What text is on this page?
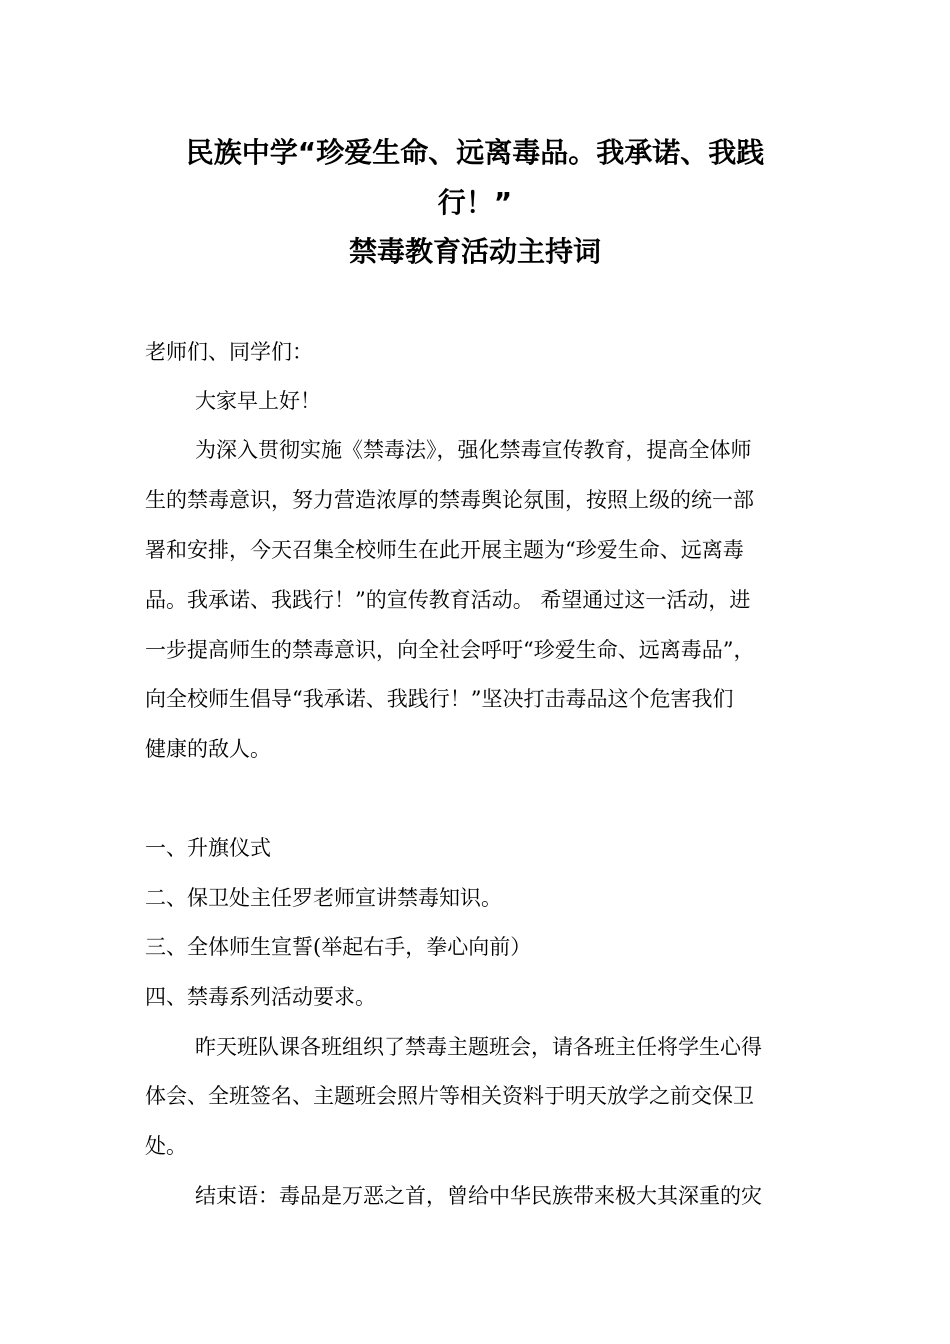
民族中学“珍爱生命、远离毒品。我承诺、我践
行！”
禁毒教育活动主持词
老师们、同学们：
大家早上好！
为深入贯彻实施《禁毒法》，强化禁毒宣传教育，提高全体师
生的禁毒意识，努力营造浓厚的禁毒舆论氛围，按照上级的统一部
署和安排，今天召集全校师生在此开展主题为“珍爱生命、远离毒
品。我承诺、我践行！”的宣传教育活动。 希望通过这一活动，进
一步提高师生的禁毒意识，向全社会呼吁“珍爱生命、远离毒品”，
向全校师生倡导“我承诺、我践行！”坚决打击毒品这个危害我们
健康的敌人。
一、升旗仪式
二、保卫处主任罗老师宣讲禁毒知识。
三、全体师生宣誓(举起右手，拳心向前）
四、禁毒系列活动要求。
昨天班队课各班组织了禁毒主题班会，请各班主任将学生心得
体会、全班签名、主题班会照片等相关资料于明天放学之前交保卫
处。
结束语：毒品是万恶之首，曾给中华民族带来极大其深重的灾
